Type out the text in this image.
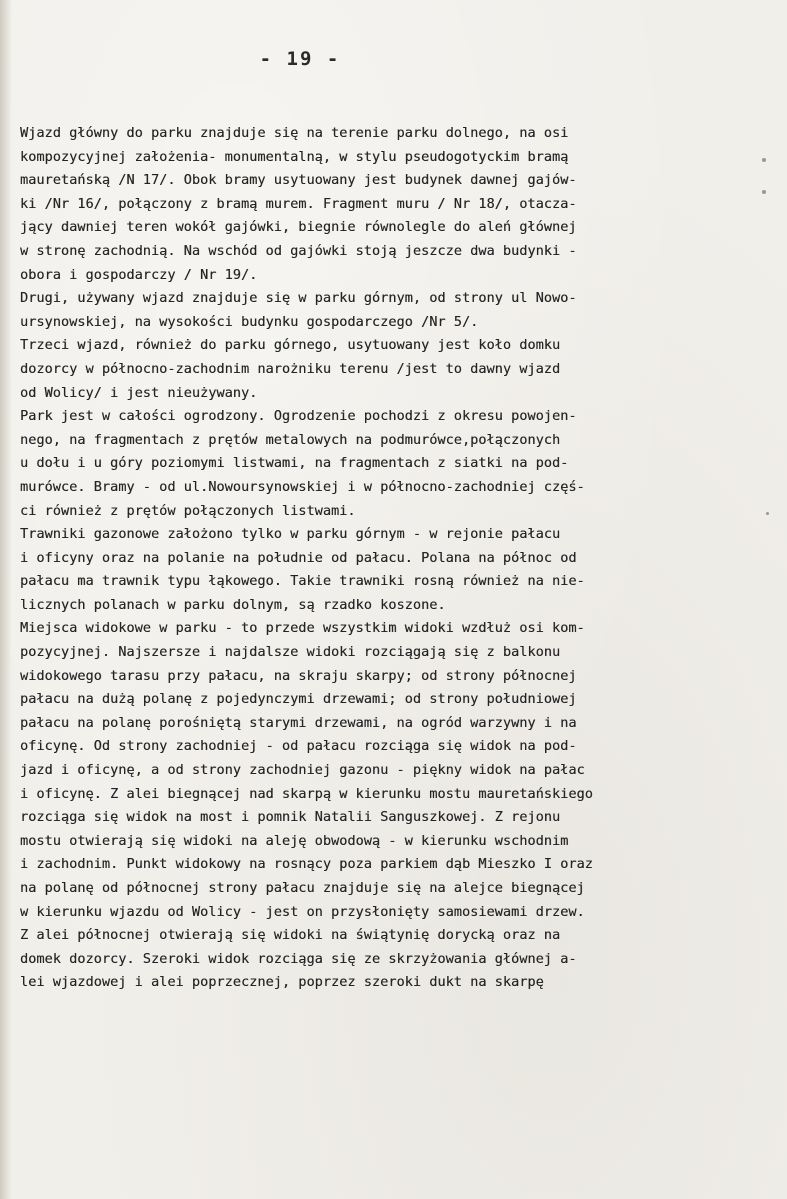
- 19 -
Wjazd główny do parku znajduje się na terenie parku dolnego, na osi
kompozycyjnej założenia- monumentalną, w stylu pseudogotyckim bramą
mauretańską /N 17/. Obok bramy usytuowany jest budynek dawnej gajów-
ki /Nr 16/, połączony z bramą murem. Fragment muru / Nr 18/, otacza-
jący dawniej teren wokół gajówki, biegnie równolegle do aleń głównej
w stronę zachodnią. Na wschód od gajówki stoją jeszcze dwa budynki -
obora i gospodarczy / Nr 19/.
Drugi, używany wjazd znajduje się w parku górnym, od strony ul Nowo-
ursynowskiej, na wysokości budynku gospodarczego /Nr 5/.
Trzeci wjazd, również do parku górnego, usytuowany jest koło domku
dozorcy w północno-zachodnim narożniku terenu /jest to dawny wjazd
od Wolicy/ i jest nieużywany.
Park jest w całości ogrodzony. Ogrodzenie pochodzi z okresu powojen-
nego, na fragmentach z prętów metalowych na podmurówce,połączonych
u dołu i u góry poziomymi listwami, na fragmentach z siatki na pod-
murówce. Bramy - od ul.Nowoursynowskiej i w północno-zachodniej częś-
ci również z prętów połączonych listwami.
Trawniki gazonowe założono tylko w parku górnym - w rejonie pałacu
i oficyny oraz na polanie na południe od pałacu. Polana na północ od
pałacu ma trawnik typu łąkowego. Takie trawniki rosną również na nie-
licznych polanach w parku dolnym, są rzadko koszone.
Miejsca widokowe w parku - to przede wszystkim widoki wzdłuż osi kom-
pozycyjnej. Najszersze i najdalsze widoki rozciągają się z balkonu
widokowego tarasu przy pałacu, na skraju skarpy; od strony północnej
pałacu na dużą polanę z pojedynczymi drzewami; od strony południowej
pałacu na polanę porośniętą starymi drzewami, na ogród warzywny i na
oficynę. Od strony zachodniej - od pałacu rozciąga się widok na pod-
jazd i oficynę, a od strony zachodniej gazonu - piękny widok na pałac
i oficynę. Z alei biegnącej nad skarpą w kierunku mostu mauretańskiego
rozciąga się widok na most i pomnik Natalii Sanguszkowej. Z rejonu
mostu otwierają się widoki na aleję obwodową - w kierunku wschodnim
i zachodnim. Punkt widokowy na rosnący poza parkiem dąb Mieszko I oraz
na polanę od północnej strony pałacu znajduje się na alejce biegnącej
w kierunku wjazdu od Wolicy - jest on przysłonięty samosiewami drzew.
Z alei północnej otwierają się widoki na świątynię dorycką oraz na
domek dozorcy. Szeroki widok rozciąga się ze skrzyżowania głównej a-
lei wjazdowej i alei poprzecznej, poprzez szeroki dukt na skarpę
